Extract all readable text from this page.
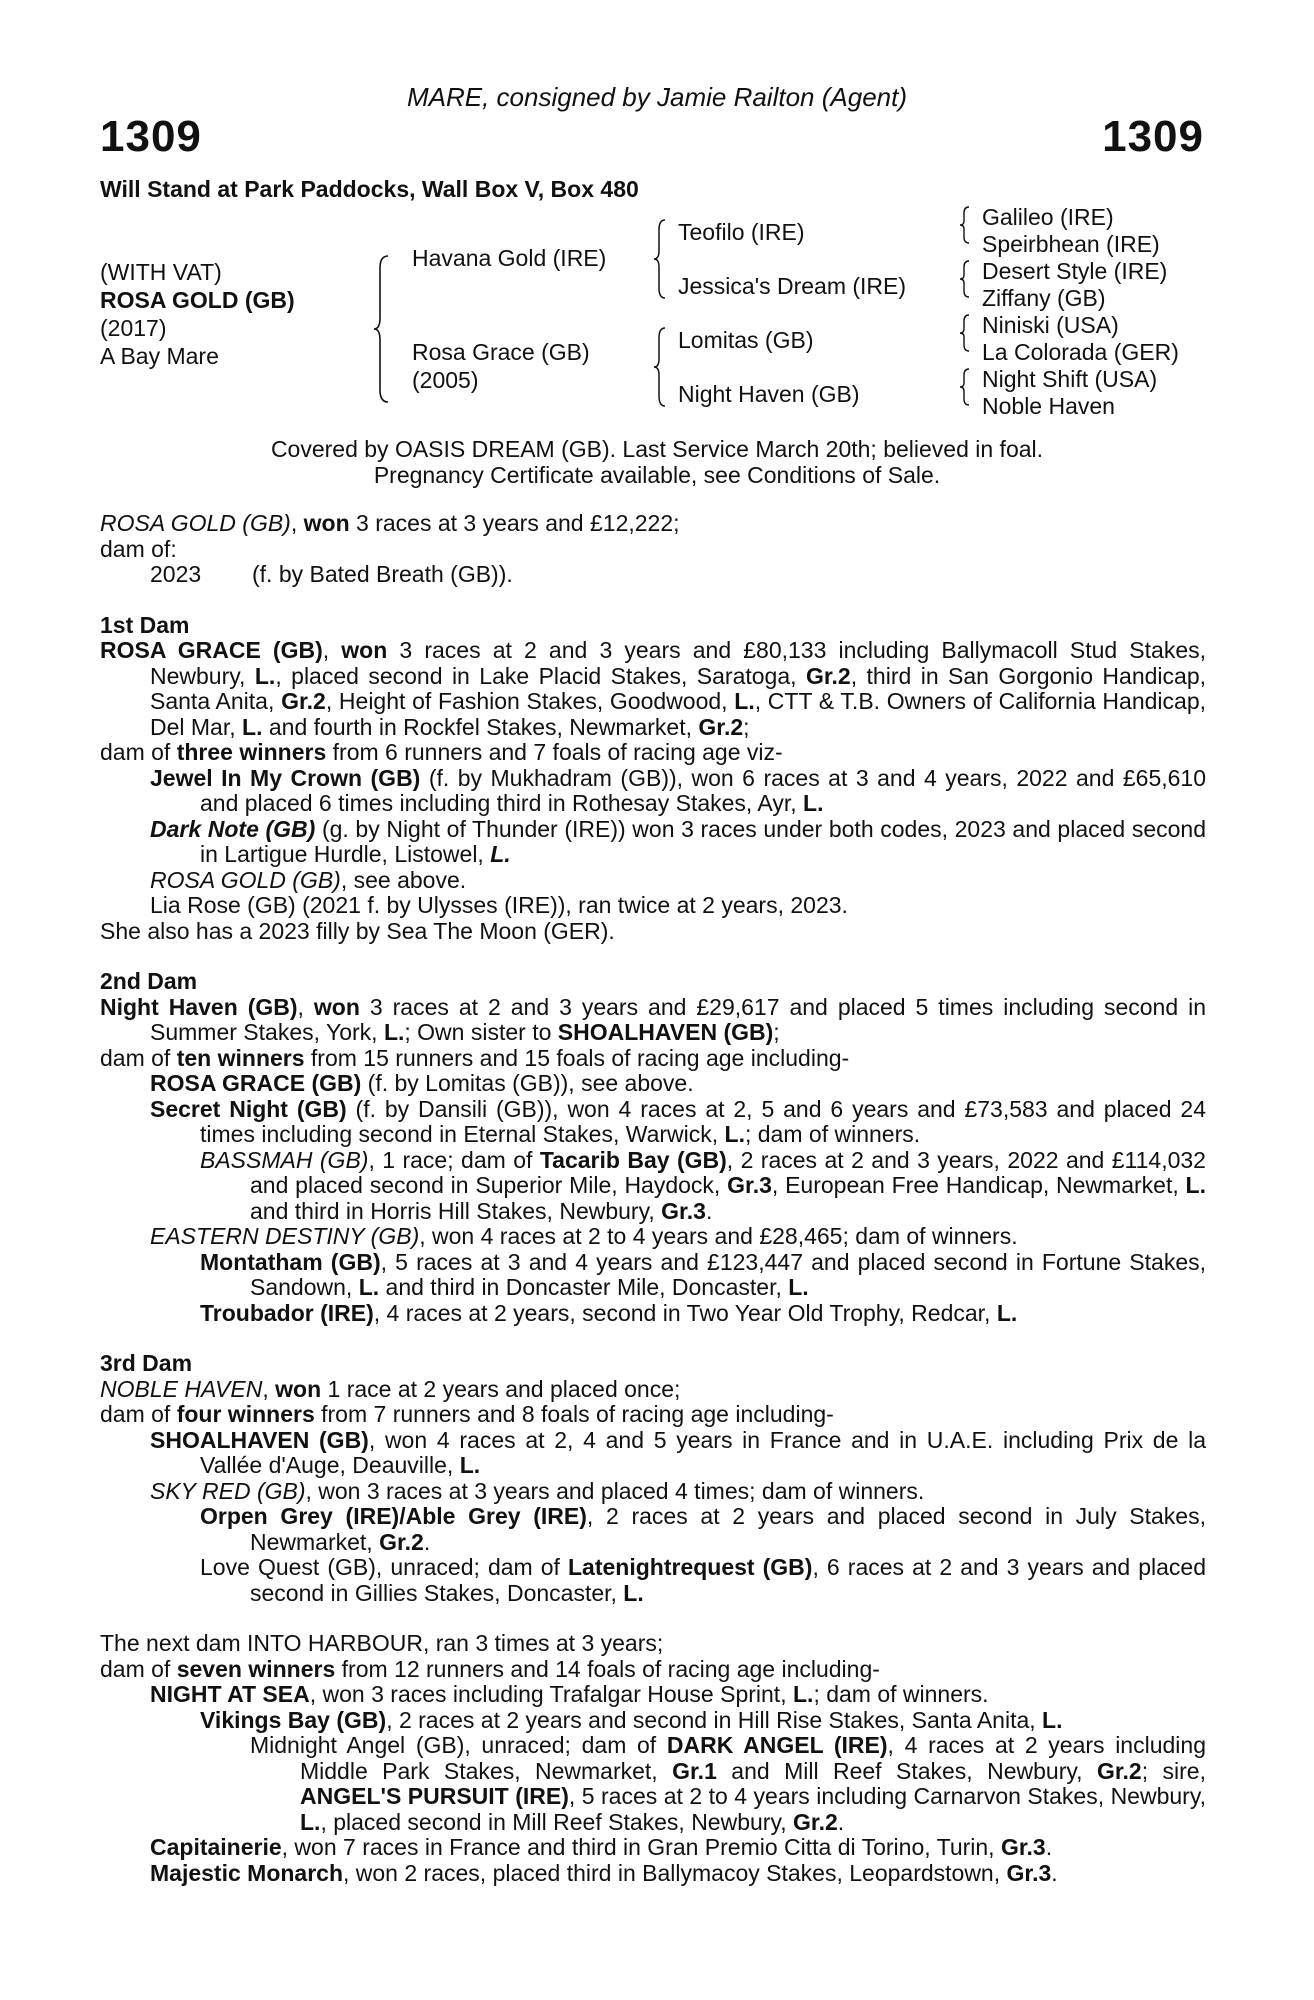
MARE, consigned by Jamie Railton (Agent)
1309	1309
Will Stand at Park Paddocks, Wall Box V, Box 480
(WITH VAT)
ROSA GOLD (GB)
(2017)
A Bay Mare
Havana Gold (IRE)
Rosa Grace (GB)
(2005)
Teofilo (IRE)
Jessica's Dream (IRE)
Lomitas (GB)
Night Haven (GB)
Galileo (IRE)
Speirbhean (IRE)
Desert Style (IRE)
Ziffany (GB)
Niniski (USA)
La Colorada (GER)
Night Shift (USA)
Noble Haven
Covered by OASIS DREAM (GB). Last Service March 20th; believed in foal.
Pregnancy Certificate available, see Conditions of Sale.

ROSA GOLD (GB), won 3 races at 3 years and £12,222;

dam of:

2023 (f. by Bated Breath (GB)).

1st Dam

ROSA GRACE (GB), won 3 races at 2 and 3 years and £80,133 including Ballymacoll Stud Stakes, Newbury, L., placed second in Lake Placid Stakes, Saratoga, Gr.2, third in San Gorgonio Handicap, Santa Anita, Gr.2, Height of Fashion Stakes, Goodwood, L., CTT & T.B. Owners of California Handicap, Del Mar, L. and fourth in Rockfel Stakes, Newmarket, Gr.2;

dam of three winners from 6 runners and 7 foals of racing age viz-

Jewel In My Crown (GB) (f. by Mukhadram (GB)), won 6 races at 3 and 4 years, 2022 and £65,610 and placed 6 times including third in Rothesay Stakes, Ayr, L.

Dark Note (GB) (g. by Night of Thunder (IRE)) won 3 races under both codes, 2023 and placed second in Lartigue Hurdle, Listowel, L.

ROSA GOLD (GB), see above.

Lia Rose (GB) (2021 f. by Ulysses (IRE)), ran twice at 2 years, 2023.

She also has a 2023 filly by Sea The Moon (GER).

2nd Dam

Night Haven (GB), won 3 races at 2 and 3 years and £29,617 and placed 5 times including second in Summer Stakes, York, L.; Own sister to SHOALHAVEN (GB);

dam of ten winners from 15 runners and 15 foals of racing age including-

ROSA GRACE (GB) (f. by Lomitas (GB)), see above.

Secret Night (GB) (f. by Dansili (GB)), won 4 races at 2, 5 and 6 years and £73,583 and placed 24 times including second in Eternal Stakes, Warwick, L.; dam of winners.

BASSMAH (GB), 1 race; dam of Tacarib Bay (GB), 2 races at 2 and 3 years, 2022 and £114,032 and placed second in Superior Mile, Haydock, Gr.3, European Free Handicap, Newmarket, L. and third in Horris Hill Stakes, Newbury, Gr.3.

EASTERN DESTINY (GB), won 4 races at 2 to 4 years and £28,465; dam of winners.

Montatham (GB), 5 races at 3 and 4 years and £123,447 and placed second in Fortune Stakes, Sandown, L. and third in Doncaster Mile, Doncaster, L.

Troubador (IRE), 4 races at 2 years, second in Two Year Old Trophy, Redcar, L.

3rd Dam

NOBLE HAVEN, won 1 race at 2 years and placed once;

dam of four winners from 7 runners and 8 foals of racing age including-

SHOALHAVEN (GB), won 4 races at 2, 4 and 5 years in France and in U.A.E. including Prix de la Vallée d'Auge, Deauville, L.

SKY RED (GB), won 3 races at 3 years and placed 4 times; dam of winners.

Orpen Grey (IRE)/Able Grey (IRE), 2 races at 2 years and placed second in July Stakes, Newmarket, Gr.2.

Love Quest (GB), unraced; dam of Latenightrequest (GB), 6 races at 2 and 3 years and placed second in Gillies Stakes, Doncaster, L.

The next dam INTO HARBOUR, ran 3 times at 3 years;

dam of seven winners from 12 runners and 14 foals of racing age including-

NIGHT AT SEA, won 3 races including Trafalgar House Sprint, L.; dam of winners.

Vikings Bay (GB), 2 races at 2 years and second in Hill Rise Stakes, Santa Anita, L.

Midnight Angel (GB), unraced; dam of DARK ANGEL (IRE), 4 races at 2 years including Middle Park Stakes, Newmarket, Gr.1 and Mill Reef Stakes, Newbury, Gr.2; sire, ANGEL'S PURSUIT (IRE), 5 races at 2 to 4 years including Carnarvon Stakes, Newbury, L., placed second in Mill Reef Stakes, Newbury, Gr.2.

Capitainerie, won 7 races in France and third in Gran Premio Citta di Torino, Turin, Gr.3.

Majestic Monarch, won 2 races, placed third in Ballymacoy Stakes, Leopardstown, Gr.3.
